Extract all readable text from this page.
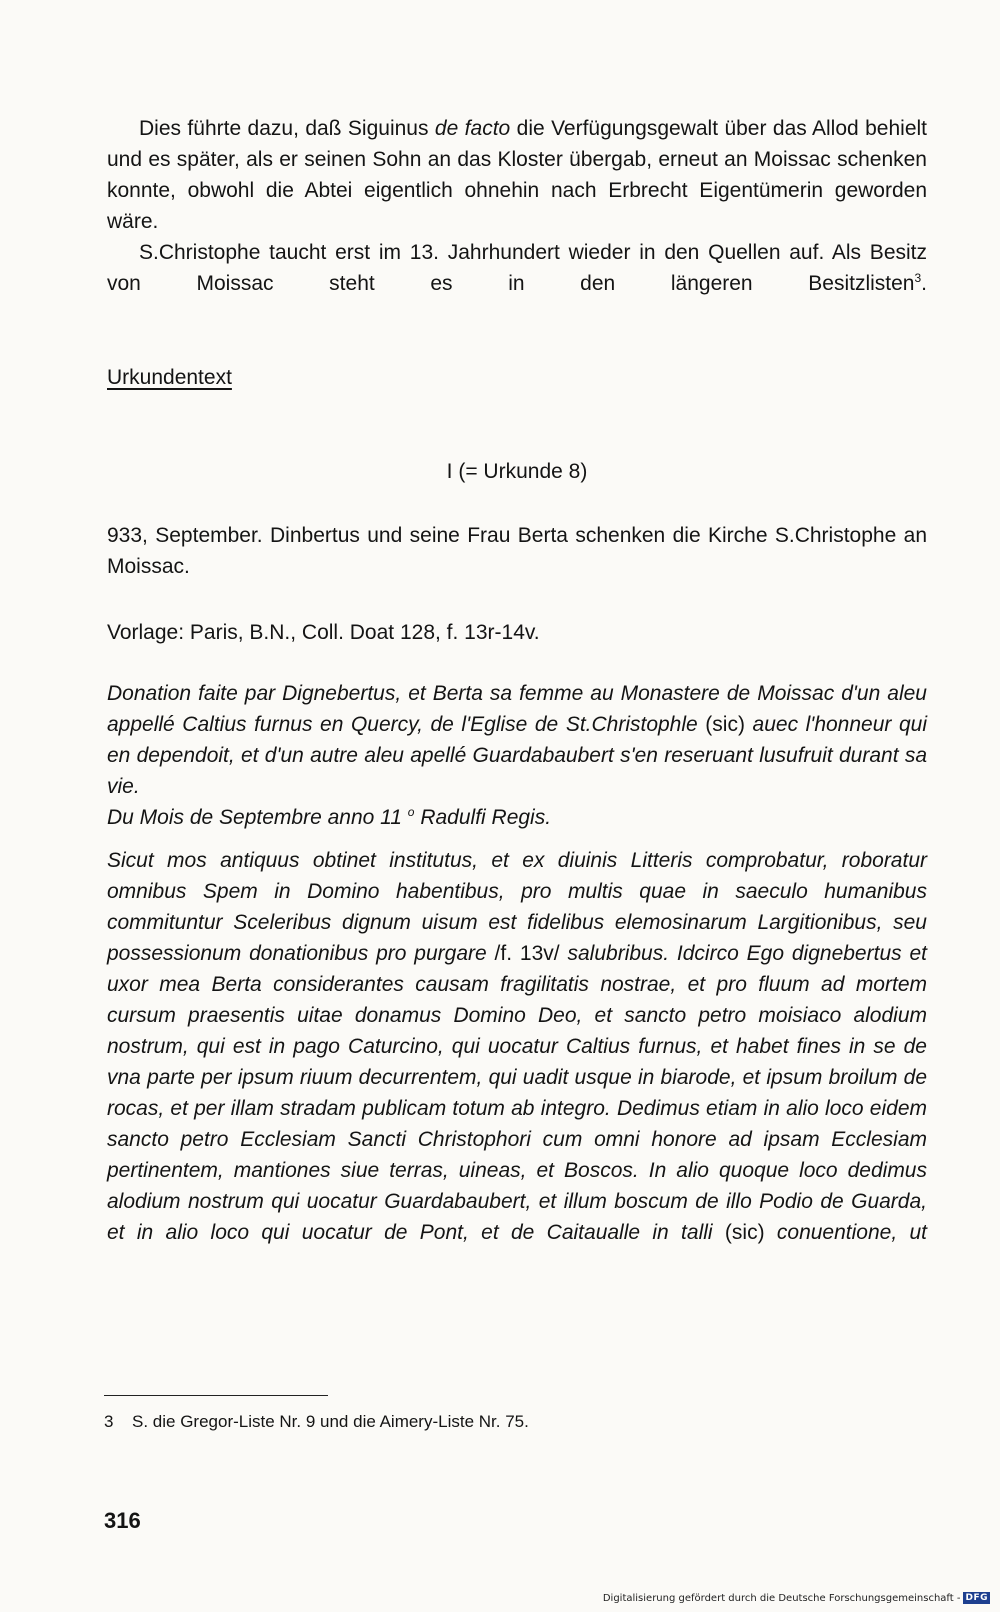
Dies führte dazu, daß Siguinus de facto die Verfügungsgewalt über das Allod behielt und es später, als er seinen Sohn an das Kloster übergab, erneut an Moissac schenken konnte, obwohl die Abtei eigentlich ohnehin nach Erbrecht Eigentümerin geworden wäre.

S.Christophe taucht erst im 13. Jahrhundert wieder in den Quellen auf. Als Besitz von Moissac steht es in den längeren Besitzlisten$^3$.

Urkundentext
I (= Urkunde 8)

933, September. Dinbertus und seine Frau Berta schenken die Kirche S.Christophe an Moissac.

Vorlage: Paris, B.N., Coll. Doat 128, f. 13r-14v.

Donation faite par Dignebertus, et Berta sa femme au Monastere de Moissac d'un aleu appellé Caltius furnus en Quercy, de l'Eglise de St.Christophle (sic) auec l'honneur qui en dependoit, et d'un autre aleu apellé Guardabaubert s'en reseruant lusufruit durant sa vie.

Du Mois de Septembre anno 11 $^o$ Radulfi Regis.

Sicut mos antiquus obtinet institutus, et ex diuinis Litteris comprobatur, roboratur omnibus Spem in Domino habentibus, pro multis quae in saeculo humanibus commituntur Sceleribus dignum uisum est fidelibus elemosinarum Largitionibus, seu possessionum donationibus pro purgare /f. 13v/ salubribus. Idcirco Ego dignebertus et uxor mea Berta considerantes causam fragilitatis nostrae, et pro fluum ad mortem cursum praesentis uitae donamus Domino Deo, et sancto petro moisiaco alodium nostrum, qui est in pago Caturcino, qui uocatur Caltius furnus, et habet fines in se de vna parte per ipsum riuum decurrentem, qui uadit usque in biarode, et ipsum broilum de rocas, et per illam stradam publicam totum ab integro. Dedimus etiam in alio loco eidem sancto petro Ecclesiam Sancti Christophori cum omni honore ad ipsam Ecclesiam pertinentem, mantiones siue terras, uineas, et Boscos. In alio quoque loco dedimus alodium nostrum qui uocatur Guardabaubert, et illum boscum de illo Podio de Guarda, et in alio loco qui uocatur de Pont, et de Caitaualle in talli (sic) conuentione, ut

3 S. die Gregor-Liste Nr. 9 und die Aimery-Liste Nr. 75.
316
Digitalisierung gefördert durch die Deutsche Forschungsgemeinschaft - DFG
